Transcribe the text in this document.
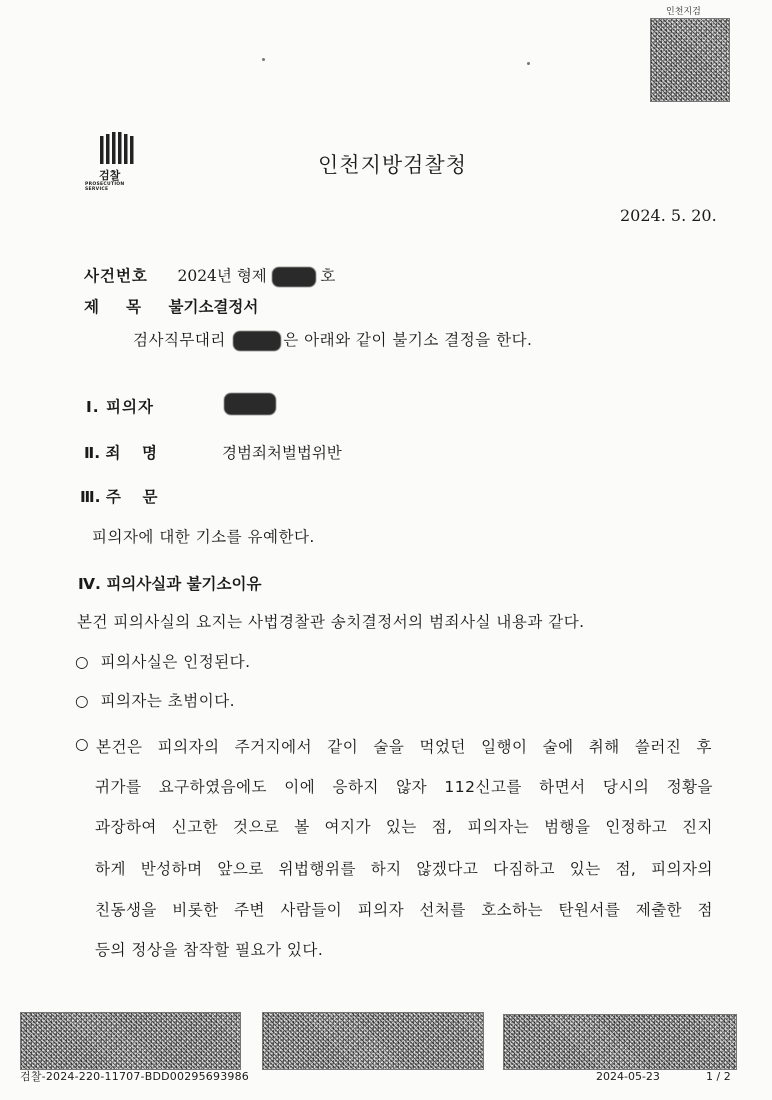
인천지검
검찰
PROSECUTION SERVICE
인천지방검찰청
2024. 5. 20.
사건번호 2024년 형제	호
제     목 불기소결정서
검사직무대리	은 아래와 같이 불기소 결정을 한다.
Ⅰ. 피의자
Ⅱ. 죄    명	경범죄처벌법위반
Ⅲ. 주    문
피의자에 대한 기소를 유예한다.
Ⅳ. 피의사실과 불기소이유
본건 피의사실의 요지는 사법경찰관 송치결정서의 범죄사실 내용과 같다.
○ 피의사실은 인정된다.
○ 피의자는 초범이다.
○ 본건은 피의자의 주거지에서 같이 술을 먹었던 일행이 술에 취해 쓸러진 후
귀가를 요구하였음에도 이에 응하지 않자 112신고를 하면서 당시의 정황을
과장하여 신고한 것으로 볼 여지가 있는 점, 피의자는 범행을 인정하고 진지
하게 반성하며 앞으로 위법행위를 하지 않겠다고 다짐하고 있는 점, 피의자의
친동생을 비롯한 주변 사람들이 피의자 선처를 호소하는 탄원서를 제출한 점
등의 정상을 참작할 필요가 있다.
검찰-2024-220-11707-BDD00295693986	2024-05-23	1 / 2
